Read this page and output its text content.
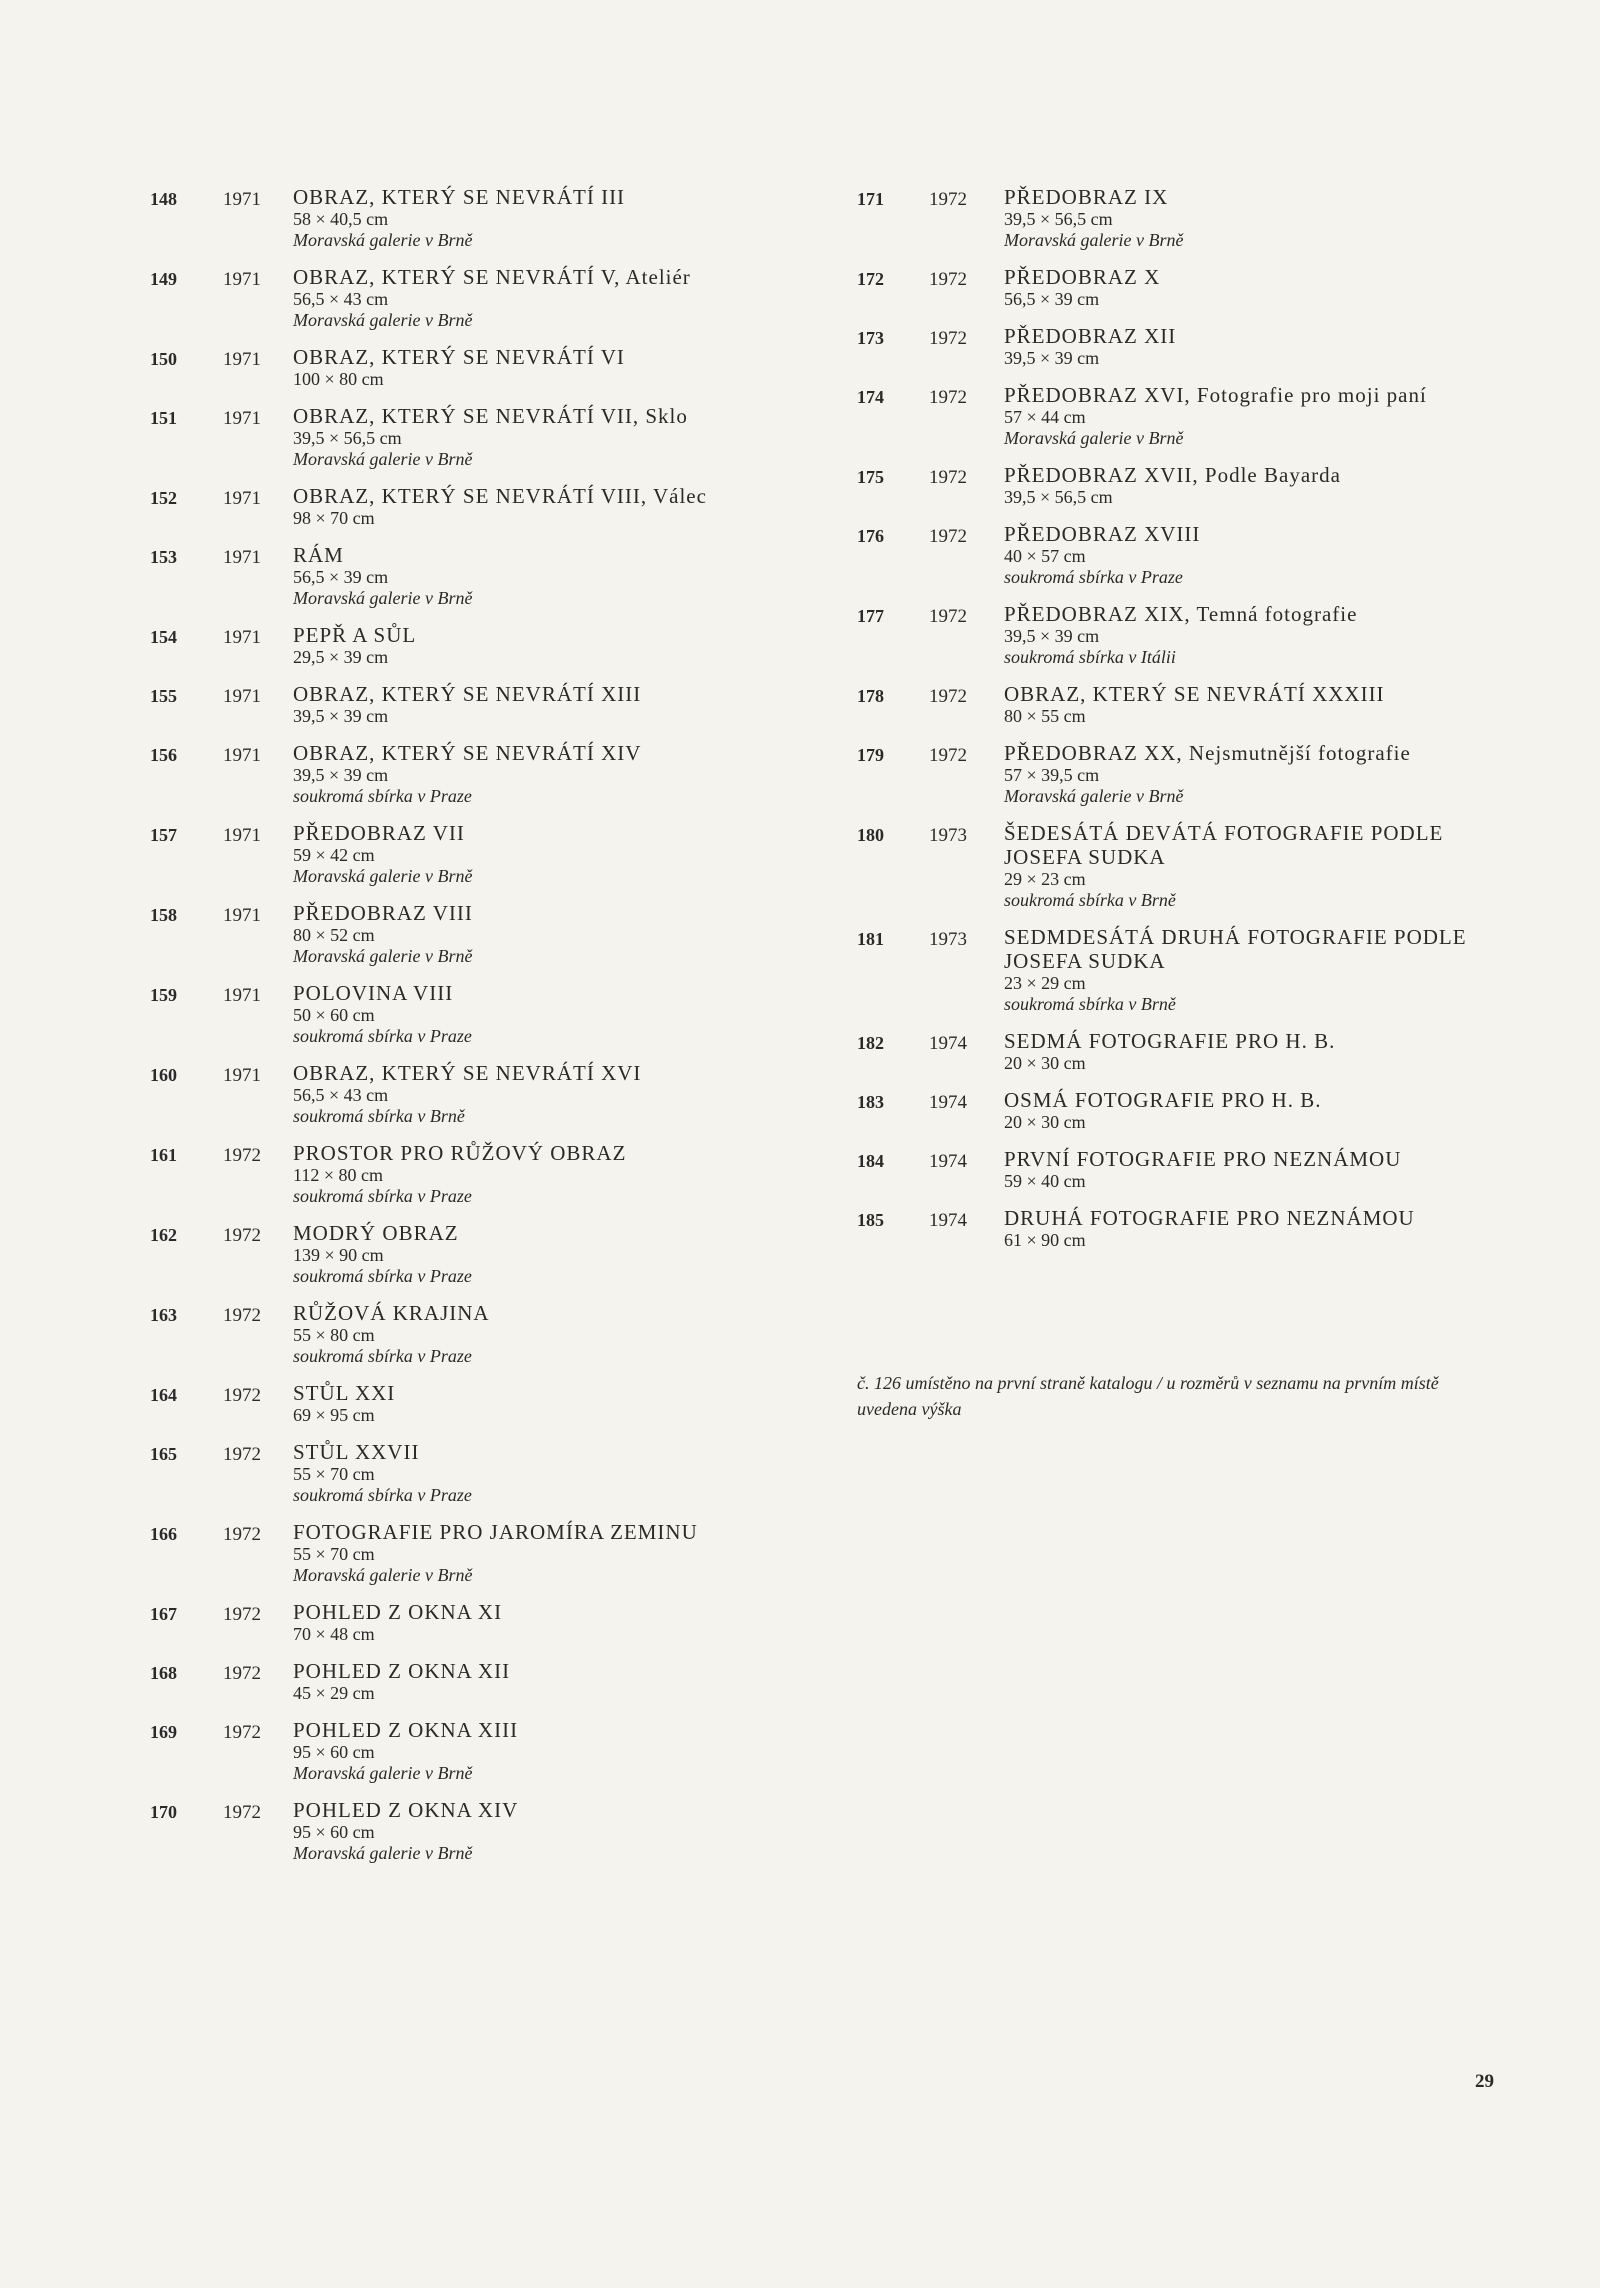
148	1971	OBRAZ, KTERÝ SE NEVRÁTÍ III
58 × 40,5 cm
Moravská galerie v Brně
149	1971	OBRAZ, KTERÝ SE NEVRÁTÍ V, Ateliér
56,5 × 43 cm
Moravská galerie v Brně
150	1971	OBRAZ, KTERÝ SE NEVRÁTÍ VI
100 × 80 cm
151	1971	OBRAZ, KTERÝ SE NEVRÁTÍ VII, Sklo
39,5 × 56,5 cm
Moravská galerie v Brně
152	1971	OBRAZ, KTERÝ SE NEVRÁTÍ VIII, Válec
98 × 70 cm
153	1971	RÁM
56,5 × 39 cm
Moravská galerie v Brně
154	1971	PEPŘ A SŮL
29,5 × 39 cm
155	1971	OBRAZ, KTERÝ SE NEVRÁTÍ XIII
39,5 × 39 cm
156	1971	OBRAZ, KTERÝ SE NEVRÁTÍ XIV
39,5 × 39 cm
soukromá sbírka v Praze
157	1971	PŘEDOBRAZ VII
59 × 42 cm
Moravská galerie v Brně
158	1971	PŘEDOBRAZ VIII
80 × 52 cm
Moravská galerie v Brně
159	1971	POLOVINA VIII
50 × 60 cm
soukromá sbírka v Praze
160	1971	OBRAZ, KTERÝ SE NEVRÁTÍ XVI
56,5 × 43 cm
soukromá sbírka v Brně
161	1972	PROSTOR PRO RŮŽOVÝ OBRAZ
112 × 80 cm
soukromá sbírka v Praze
162	1972	MODRÝ OBRAZ
139 × 90 cm
soukromá sbírka v Praze
163	1972	RŮŽOVÁ KRAJINA
55 × 80 cm
soukromá sbírka v Praze
164	1972	STŮL XXI
69 × 95 cm
165	1972	STŮL XXVII
55 × 70 cm
soukromá sbírka v Praze
166	1972	FOTOGRAFIE PRO JAROMÍRA ZEMINU
55 × 70 cm
Moravská galerie v Brně
167	1972	POHLED Z OKNA XI
70 × 48 cm
168	1972	POHLED Z OKNA XII
45 × 29 cm
169	1972	POHLED Z OKNA XIII
95 × 60 cm
Moravská galerie v Brně
170	1972	POHLED Z OKNA XIV
95 × 60 cm
Moravská galerie v Brně
171	1972	PŘEDOBRAZ IX
39,5 × 56,5 cm
Moravská galerie v Brně
172	1972	PŘEDOBRAZ X
56,5 × 39 cm
173	1972	PŘEDOBRAZ XII
39,5 × 39 cm
174	1972	PŘEDOBRAZ XVI, Fotografie pro moji paní
57 × 44 cm
Moravská galerie v Brně
175	1972	PŘEDOBRAZ XVII, Podle Bayarda
39,5 × 56,5 cm
176	1972	PŘEDOBRAZ XVIII
40 × 57 cm
soukromá sbírka v Praze
177	1972	PŘEDOBRAZ XIX, Temná fotografie
39,5 × 39 cm
soukromá sbírka v Itálii
178	1972	OBRAZ, KTERÝ SE NEVRÁTÍ XXXIII
80 × 55 cm
179	1972	PŘEDOBRAZ XX, Nejsmutnější fotografie
57 × 39,5 cm
Moravská galerie v Brně
180	1973	ŠEDESÁTÁ DEVÁTÁ FOTOGRAFIE PODLE JOSEFA SUDKA
29 × 23 cm
soukromá sbírka v Brně
181	1973	SEDMDESÁTÁ DRUHÁ FOTOGRAFIE PODLE JOSEFA SUDKA
23 × 29 cm
soukromá sbírka v Brně
182	1974	SEDMÁ FOTOGRAFIE PRO H. B.
20 × 30 cm
183	1974	OSMÁ FOTOGRAFIE PRO H. B.
20 × 30 cm
184	1974	PRVNÍ FOTOGRAFIE PRO NEZNÁMOU
59 × 40 cm
185	1974	DRUHÁ FOTOGRAFIE PRO NEZNÁMOU
61 × 90 cm
č. 126 umístěno na první straně katalogu / u rozměrů v seznamu na prvním místě uvedena výška
29
